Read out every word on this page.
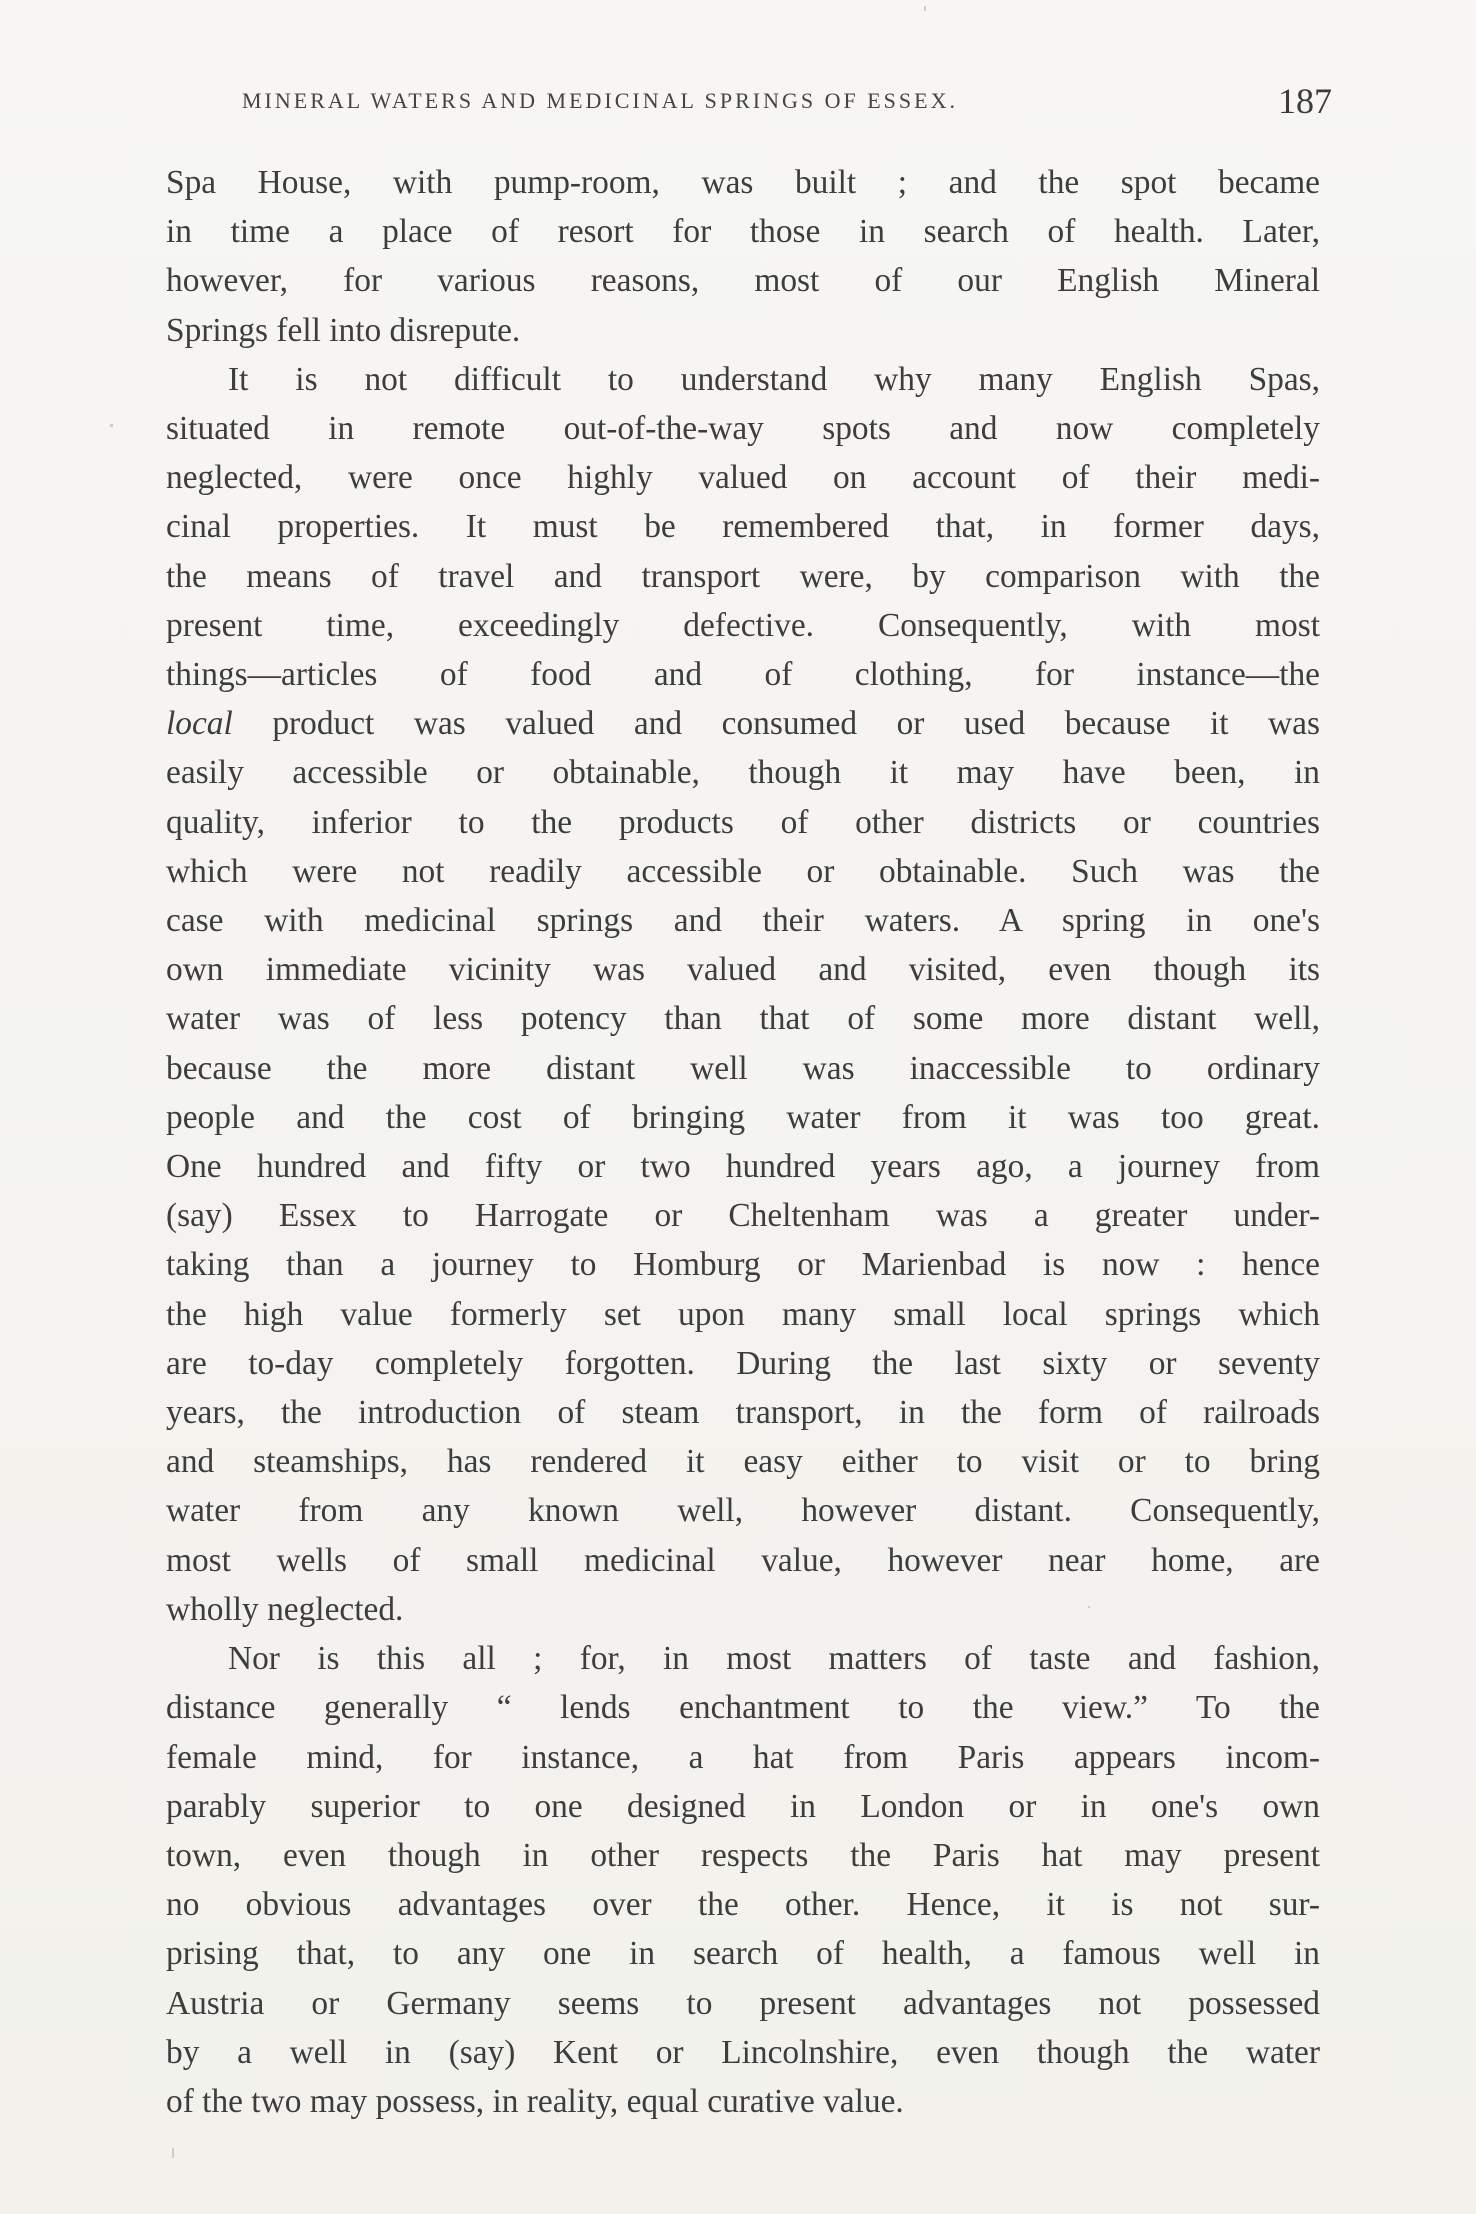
MINERAL WATERS AND MEDICINAL SPRINGS OF ESSEX.	187

Spa House, with pump-room, was built ; and the spot became
in time a place of resort for those in search of health. Later,
however, for various reasons, most of our English Mineral
Springs fell into disrepute.

It is not difficult to understand why many English Spas,
situated in remote out-of-the-way spots and now completely
neglected, were once highly valued on account of their medi-
cinal properties. It must be remembered that, in former days,
the means of travel and transport were, by comparison with the
present time, exceedingly defective. Consequently, with most
things—articles of food and of clothing, for instance—the
local product was valued and consumed or used because it was
easily accessible or obtainable, though it may have been, in
quality, inferior to the products of other districts or countries
which were not readily accessible or obtainable. Such was the
case with medicinal springs and their waters. A spring in one's
own immediate vicinity was valued and visited, even though its
water was of less potency than that of some more distant well,
because the more distant well was inaccessible to ordinary
people and the cost of bringing water from it was too great.
One hundred and fifty or two hundred years ago, a journey from
(say) Essex to Harrogate or Cheltenham was a greater under-
taking than a journey to Homburg or Marienbad is now : hence
the high value formerly set upon many small local springs which
are to-day completely forgotten. During the last sixty or seventy
years, the introduction of steam transport, in the form of railroads
and steamships, has rendered it easy either to visit or to bring
water from any known well, however distant. Consequently,
most wells of small medicinal value, however near home, are
wholly neglected.

Nor is this all ; for, in most matters of taste and fashion,
distance generally “ lends enchantment to the view.” To the
female mind, for instance, a hat from Paris appears incom-
parably superior to one designed in London or in one's own
town, even though in other respects the Paris hat may present
no obvious advantages over the other. Hence, it is not sur-
prising that, to any one in search of health, a famous well in
Austria or Germany seems to present advantages not possessed
by a well in (say) Kent or Lincolnshire, even though the water
of the two may possess, in reality, equal curative value.
